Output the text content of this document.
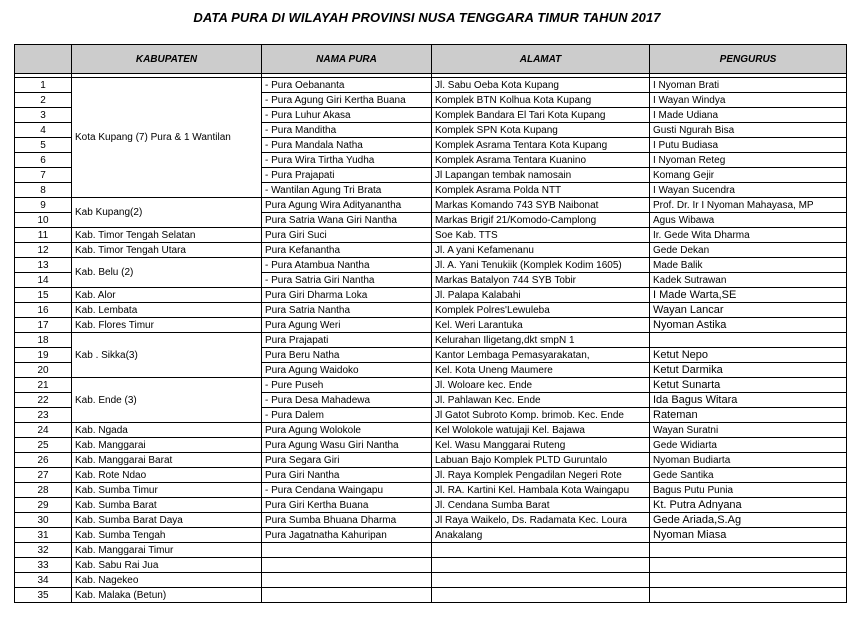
DATA PURA DI WILAYAH PROVINSI NUSA TENGGARA TIMUR TAHUN 2017
	KABUPATEN	NAMA PURA	ALAMAT	PENGURUS

1	Kota Kupang (7) Pura & 1 Wantilan	- Pura Oebananta	Jl. Sabu Oeba Kota Kupang	I Nyoman Brati
2		- Pura Agung Giri Kertha Buana	Komplek BTN Kolhua Kota Kupang	I Wayan Windya
3		- Pura Luhur Akasa	Komplek Bandara El Tari Kota Kupang	I Made Udiana
4		- Pura Manditha	Komplek SPN Kota Kupang	Gusti Ngurah Bisa
5		- Pura Mandala Natha	Komplek Asrama Tentara Kota Kupang	I Putu Budiasa
6		- Pura Wira Tirtha Yudha	Komplek Asrama Tentara Kuanino	I Nyoman Reteg
7		- Pura Prajapati	Jl Lapangan tembak namosain	Komang Gejir
8		- Wantilan Agung Tri Brata	Komplek Asrama Polda NTT	I Wayan Sucendra
9	Kab Kupang(2)	Pura Agung Wira Adityanantha	Markas Komando 743 SYB Naibonat	Prof. Dr. Ir I Nyoman Mahayasa, MP
10		Pura Satria Wana Giri Nantha	Markas Brigif 21/Komodo-Camplong	Agus Wibawa
11	Kab. Timor Tengah Selatan	Pura Giri Suci	Soe Kab. TTS	Ir. Gede Wita Dharma
12	Kab. Timor Tengah Utara	Pura Kefanantha	Jl. A yani Kefamenanu	Gede Dekan
13	Kab. Belu (2)	- Pura Atambua Nantha	Jl. A. Yani Tenukiik (Komplek Kodim 1605)	Made Balik
14		- Pura Satria Giri Nantha	Markas Batalyon 744 SYB Tobir	Kadek Sutrawan
15	Kab. Alor	Pura Giri Dharma Loka	Jl. Palapa Kalabahi	I Made Warta,SE
16	Kab. Lembata	Pura Satria Nantha	Komplek Polres'Lewuleba	Wayan Lancar
17	Kab. Flores Timur	Pura Agung Weri	Kel. Weri Larantuka	Nyoman Astika
18	Kab . Sikka(3)	Pura Prajapati	Kelurahan Iligetang,dkt smpN 1	
19		Pura Beru Natha	Kantor Lembaga Pemasyarakatan,	Ketut Nepo
20		Pura Agung Waidoko	Kel. Kota Uneng Maumere	Ketut Darmika
21	Kab. Ende (3)	- Pure Puseh	Jl. Woloare kec. Ende	Ketut Sunarta
22		- Pura Desa Mahadewa	Jl. Pahlawan Kec. Ende	Ida Bagus Witara
23		- Pura Dalem	Jl Gatot Subroto Komp. brimob. Kec. Ende	Rateman
24	Kab. Ngada	Pura Agung Wolokole	Kel Wolokole watujaji Kel. Bajawa	Wayan Suratni
25	Kab. Manggarai	Pura Agung Wasu Giri Nantha	Kel. Wasu Manggarai Ruteng	Gede Widiarta
26	Kab. Manggarai Barat	Pura Segara Giri	Labuan Bajo Komplek PLTD Guruntalo	Nyoman Budiarta
27	Kab. Rote Ndao	Pura Giri Nantha	Jl. Raya Komplek Pengadilan Negeri Rote	Gede Santika
28	Kab. Sumba Timur	- Pura Cendana Waingapu	Jl. RA. Kartini Kel. Hambala Kota Waingapu	Bagus Putu Punia
29	Kab. Sumba Barat	Pura Giri Kertha Buana	Jl. Cendana Sumba Barat	Kt. Putra Adnyana
30	Kab. Sumba Barat Daya	Pura Sumba Bhuana Dharma	Jl Raya Waikelo, Ds. Radamata Kec. Loura	Gede Ariada,S.Ag
31	Kab. Sumba Tengah	Pura Jagatnatha Kahuripan	Anakalang	Nyoman Miasa
32	Kab. Manggarai Timur			
33	Kab. Sabu Rai Jua			
34	Kab. Nagekeo			
35	Kab. Malaka (Betun)			
